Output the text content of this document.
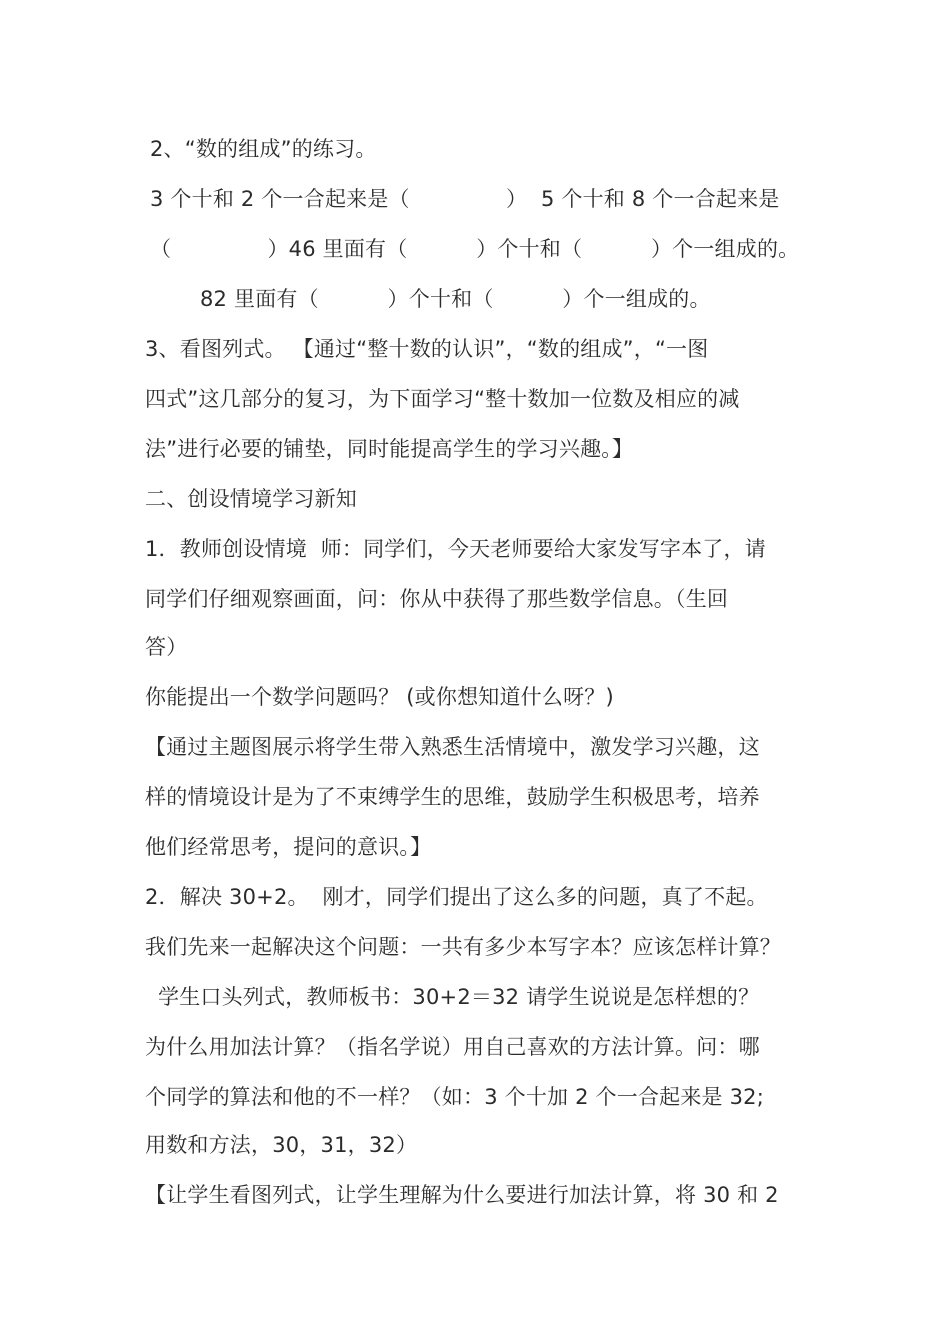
2、“数的组成”的练习。
3 个十和 2 个一合起来是（              ）  5 个十和 8 个一合起来是
（              ）46 里面有（          ）个十和（          ）个一组成的。
82 里面有（          ）个十和（          ）个一组成的。
3、看图列式。 【通过“整十数的认识”，“数的组成”，“一图
四式”这几部分的复习，为下面学习“整十数加一位数及相应的减
法”进行必要的铺垫，同时能提高学生的学习兴趣。】
二、创设情境学习新知
1．教师创设情境  师：同学们，今天老师要给大家发写字本了，请
同学们仔细观察画面，问：你从中获得了那些数学信息。（生回
答）
你能提出一个数学问题吗？ (或你想知道什么呀？)
【通过主题图展示将学生带入熟悉生活情境中，激发学习兴趣，这
样的情境设计是为了不束缚学生的思维，鼓励学生积极思考，培养
他们经常思考，提问的意识。】
2．解决 30+2。  刚才，同学们提出了这么多的问题，真了不起。
我们先来一起解决这个问题：一共有多少本写字本？应该怎样计算？
学生口头列式，教师板书：30+2＝32 请学生说说是怎样想的？
为什么用加法计算？（指名学说）用自己喜欢的方法计算。问：哪
个同学的算法和他的不一样？（如：3 个十加 2 个一合起来是 32;
用数和方法，30，31，32）
【让学生看图列式，让学生理解为什么要进行加法计算，将 30 和 2
